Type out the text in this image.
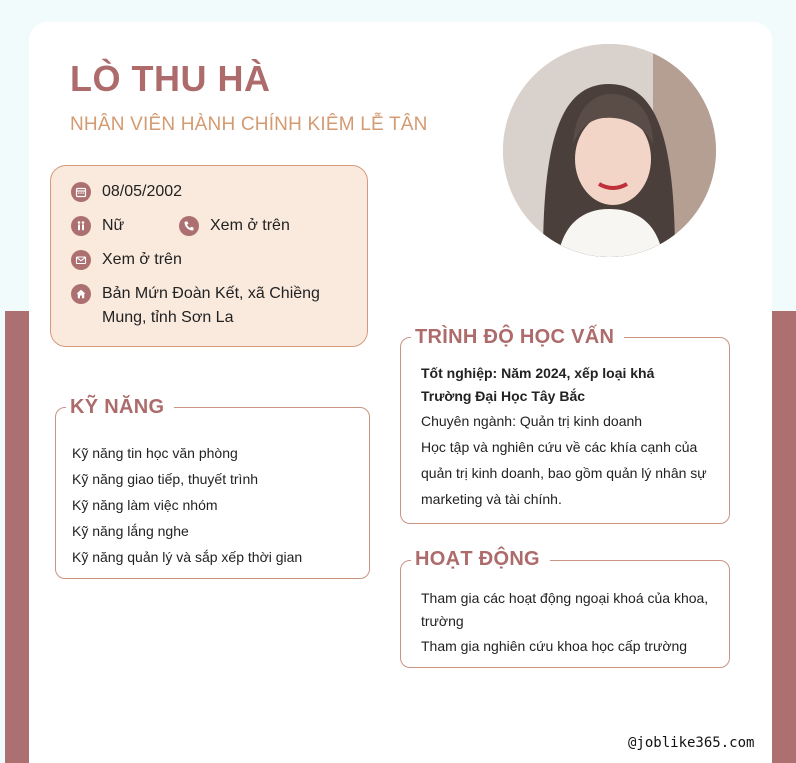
LÒ THU HÀ
NHÂN VIÊN HÀNH CHÍNH KIÊM LỄ TÂN
08/05/2002
Nữ	Xem ở trên
Xem ở trên
Bản Mứn Đoàn Kết, xã Chiềng
Mung, tỉnh Sơn La
Kỹ năng tin học văn phòng
Kỹ năng giao tiếp, thuyết trình
Kỹ năng làm việc nhóm
Kỹ năng lắng nghe
Kỹ năng quản lý và sắp xếp thời gian
KỸ NĂNG
Tốt nghiệp: Năm 2024, xếp loại khá
Trường Đại Học Tây Bắc
Chuyên ngành: Quản trị kinh doanh
Học tập và nghiên cứu về các khía cạnh của
quản trị kinh doanh, bao gồm quản lý nhân sự
marketing và tài chính.
TRÌNH ĐỘ HỌC VẤN
Tham gia các hoạt động ngoại khoá của khoa,
trường
Tham gia nghiên cứu khoa học cấp trường
HOẠT ĐỘNG
@joblike365.com
